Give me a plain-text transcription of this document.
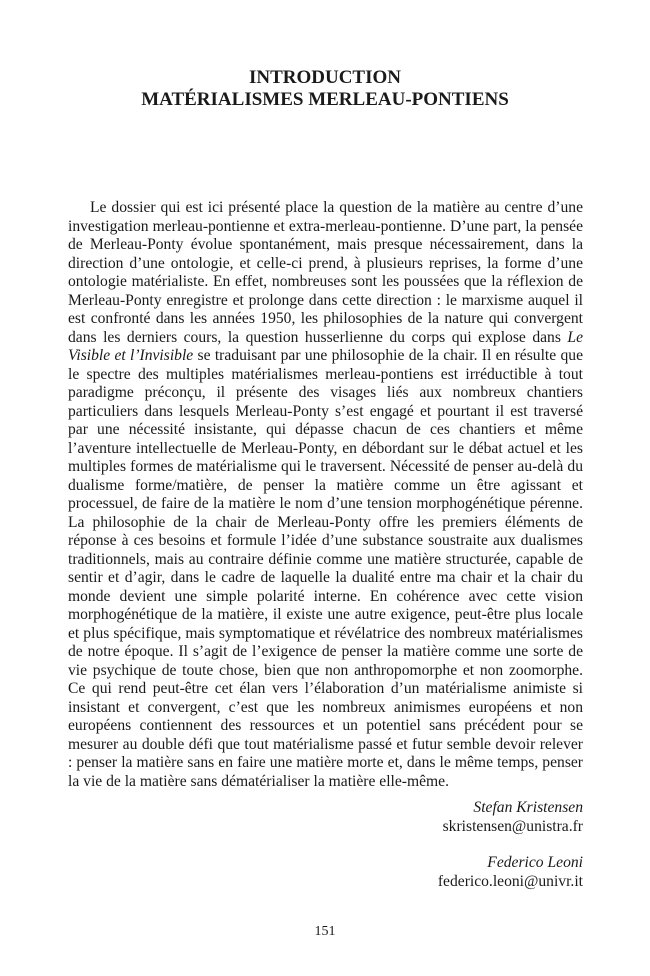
INTRODUCTION
MATÉRIALISMES MERLEAU-PONTIENS

Le dossier qui est ici présenté place la question de la matière au centre d’une investigation merleau-pontienne et extra-merleau-pontienne. D’une part, la pensée de Merleau-Ponty évolue spontanément, mais presque nécessairement, dans la direction d’une ontologie, et celle-ci prend, à plusieurs reprises, la forme d’une ontologie matérialiste. En effet, nombreuses sont les poussées que la réflexion de Merleau-Ponty enregistre et prolonge dans cette direction : le marxisme auquel il est confronté dans les années 1950, les philosophies de la nature qui convergent dans les derniers cours, la question husserlienne du corps qui explose dans Le Visible et l’Invisible se traduisant par une philosophie de la chair. Il en résulte que le spectre des multiples matérialismes merleau-pontiens est irréductible à tout paradigme préconçu, il présente des visages liés aux nombreux chantiers particuliers dans lesquels Merleau-Ponty s’est engagé et pourtant il est traversé par une nécessité insistante, qui dépasse chacun de ces chantiers et même l’aventure intellectuelle de Merleau-Ponty, en débordant sur le débat actuel et les multiples formes de matérialisme qui le traversent. Nécessité de penser au-delà du dualisme forme/matière, de penser la matière comme un être agissant et processuel, de faire de la matière le nom d’une tension morphogénétique pérenne. La philosophie de la chair de Merleau-Ponty offre les premiers éléments de réponse à ces besoins et formule l’idée d’une substance soustraite aux dualismes traditionnels, mais au contraire définie comme une matière structurée, capable de sentir et d’agir, dans le cadre de laquelle la dualité entre ma chair et la chair du monde devient une simple polarité interne. En cohérence avec cette vision morphogénétique de la matière, il existe une autre exigence, peut-être plus locale et plus spécifique, mais symptomatique et révélatrice des nombreux matérialismes de notre époque. Il s’agit de l’exigence de penser la matière comme une sorte de vie psychique de toute chose, bien que non anthropomorphe et non zoomorphe. Ce qui rend peut-être cet élan vers l’élaboration d’un matérialisme animiste si insistant et convergent, c’est que les nombreux animismes européens et non européens contiennent des ressources et un potentiel sans précédent pour se mesurer au double défi que tout matérialisme passé et futur semble devoir relever : penser la matière sans en faire une matière morte et, dans le même temps, penser la vie de la matière sans dématérialiser la matière elle-même.

Stefan Kristensen
skristensen@unistra.fr
Federico Leoni
federico.leoni@univr.it
151
